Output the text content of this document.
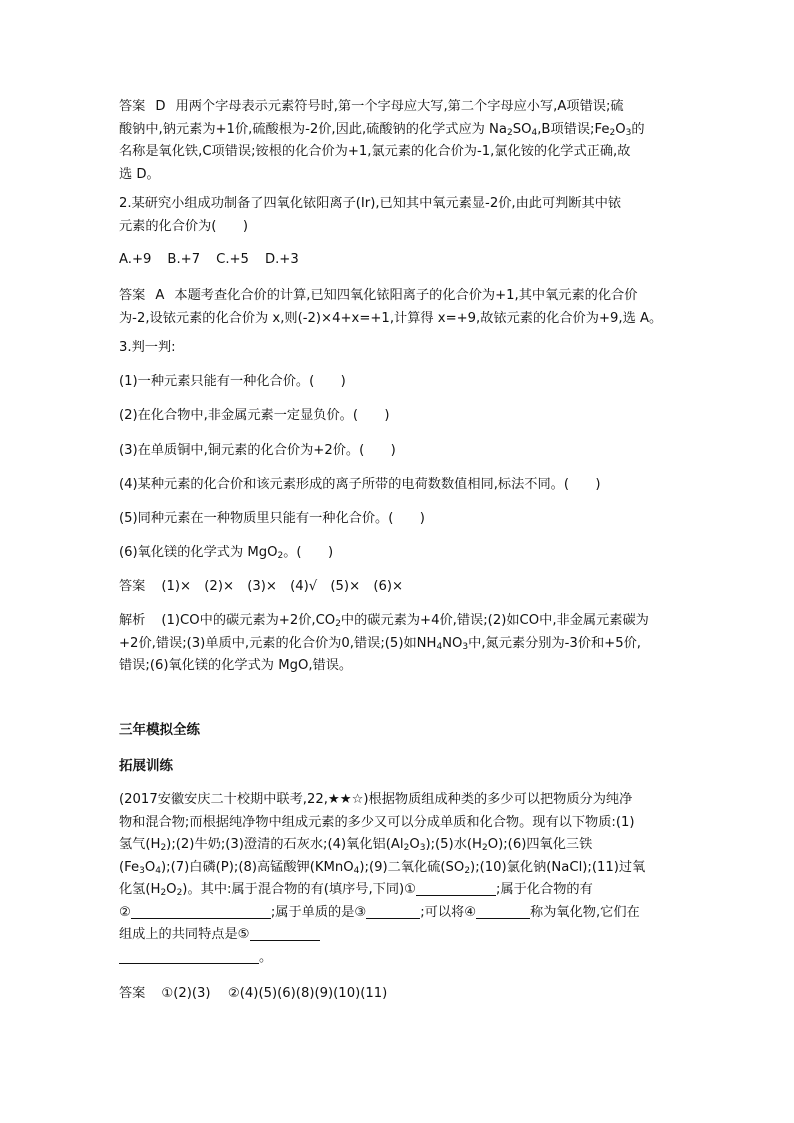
答案 D 用两个字母表示元素符号时,第一个字母应大写,第二个字母应小写,A项错误;硫
酸钠中,钠元素为+1价,硫酸根为-2价,因此,硫酸钠的化学式应为 $Na_2SO_4,B$项错误$;Fe_2O_3$的
名称是氧化铁,C项错误;铵根的化合价为+1,氯元素的化合价为-1,氯化铵的化学式正确,故
选 D。
2.某研究小组成功制备了四氧化铱阳离子(Ir),已知其中氧元素显-2价,由此可判断其中铱
元素的化合价为(　　)
A.+9 B.+7 C.+5 D.+3
答案 A 本题考查化合价的计算,已知四氧化铱阳离子的化合价为+1,其中氧元素的化合价
为-2,设铱元素的化合价为 x,则(-2)×4+x=+1,计算得 x=+9,故铱元素的化合价为+9,选 A。
3.判一判:
(1)一种元素只能有一种化合价。(　　)
(2)在化合物中,非金属元素一定显负价。(　　)
(3)在单质铜中,铜元素的化合价为+2价。(　　)
(4)某种元素的化合价和该元素形成的离子所带的电荷数数值相同,标法不同。(　　)
(5)同种元素在一种物质里只能有一种化合价。(　　)
(6)氧化镁的化学式为 MgO$_2$。(　　)
答案 (1)×　(2)×　(3)×　(4)√　(5)×　(6)×
解析 (1)CO中的碳元素为+2价$,CO_2$中的碳元素为+4价,错误;(2)如CO中,非金属元素碳为
+2价,错误;(3)单质中,元素的化合价为0,错误;(5)如$NH_4NO_3$中,氮元素分别为-3价和+5价,
错误;(6)氧化镁的化学式为 MgO,错误。
三年模拟全练
拓展训练
(2017安徽安庆二十校期中联考,22,★★☆)根据物质组成种类的多少可以把物质分为纯净
物和混合物;而根据纯净物中组成元素的多少又可以分成单质和化合物。现有以下物质:(1)
氢气$(H_2);(2)$牛奶;(3)澄清的石灰水;(4)氧化铝$(Al_2O_3);(5)$水$(H_2O);(6)$四氧化三铁
$(Fe_3O_4);(7)$白磷(P);(8)高锰酸钾(KMnO$_4$);(9)二氧化硫$(SO_2);(10)$氯化钠(NaCl);(11)过氧
化氢$(H_2O_2)$。其中:属于混合物的有(填序号,下同)①	;属于化合物的有
②	;属于单质的是③	;可以将④	称为氧化物,它们在
组成上的共同特点是⑤
。
答案 ①(2)(3)　 ②(4)(5)(6)(8)(9)(10)(11)
